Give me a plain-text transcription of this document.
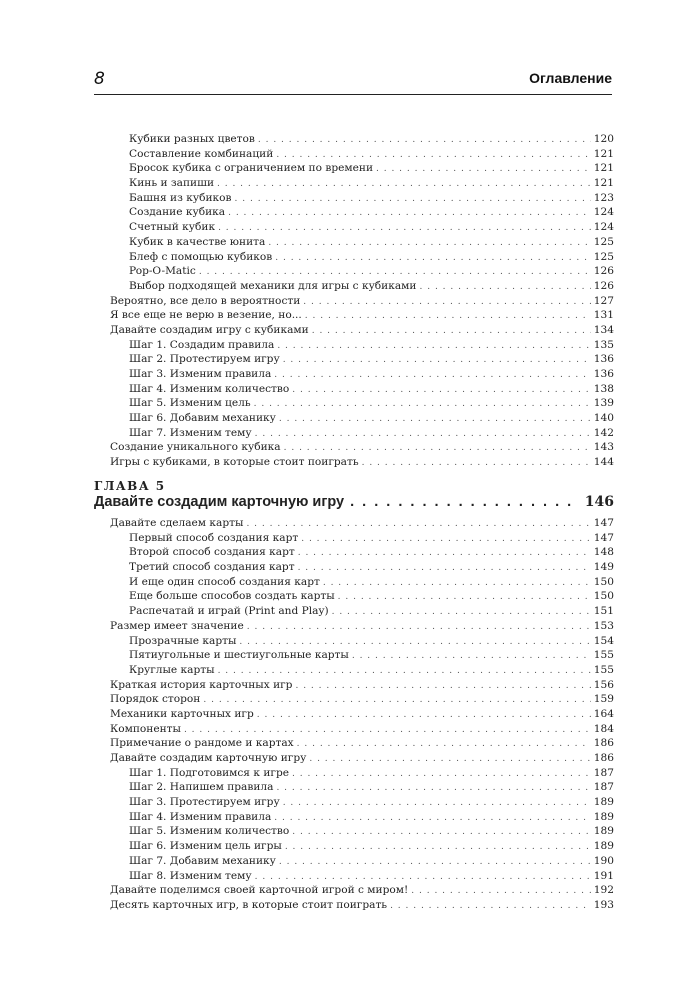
8	Оглавление
Кубики разных цветов . . .	120
Составление комбинаций . . .	121
Бросок кубика с ограничением по времени . . .	121
Кинь и запиши . . .	121
Башня из кубиков . . .	123
Создание кубика . . .	124
Счетный кубик . . .	124
Кубик в качестве юнита . . .	125
Блеф с помощью кубиков . . .	125
Pop-O-Matic . . .	126
Выбор подходящей механики для игры с кубиками . . .	126
Вероятно, все дело в вероятности . . .	127
Я все еще не верю в везение, но... . . .	131
Давайте создадим игру с кубиками . . .	134
Шаг 1. Создадим правила . . .	135
Шаг 2. Протестируем игру . . .	136
Шаг 3. Изменим правила . . .	136
Шаг 4. Изменим количество . . .	138
Шаг 5. Изменим цель . . .	139
Шаг 6. Добавим механику . . .	140
Шаг 7. Изменим тему . . .	142
Создание уникального кубика . . .	143
Игры с кубиками, в которые стоит поиграть . . .	144
ГЛАВА 5
Давайте создадим карточную игру . . .	146
Давайте сделаем карты . . .	147
Первый способ создания карт . . .	147
Второй способ создания карт . . .	148
Третий способ создания карт . . .	149
И еще один способ создания карт . . .	150
Еще больше способов создать карты . . .	150
Распечатай и играй (Print and Play) . . .	151
Размер имеет значение . . .	153
Прозрачные карты . . .	154
Пятиугольные и шестиугольные карты . . .	155
Круглые карты . . .	155
Краткая история карточных игр . . .	156
Порядок сторон . . .	159
Механики карточных игр . . .	164
Компоненты . . .	184
Примечание о рандоме и картах . . .	186
Давайте создадим карточную игру . . .	186
Шаг 1. Подготовимся к игре . . .	187
Шаг 2. Напишем правила . . .	187
Шаг 3. Протестируем игру . . .	189
Шаг 4. Изменим правила . . .	189
Шаг 5. Изменим количество . . .	189
Шаг 6. Изменим цель игры . . .	189
Шаг 7. Добавим механику . . .	190
Шаг 8. Изменим тему . . .	191
Давайте поделимся своей карточной игрой с миром! . . .	192
Десять карточных игр, в которые стоит поиграть . . .	193
